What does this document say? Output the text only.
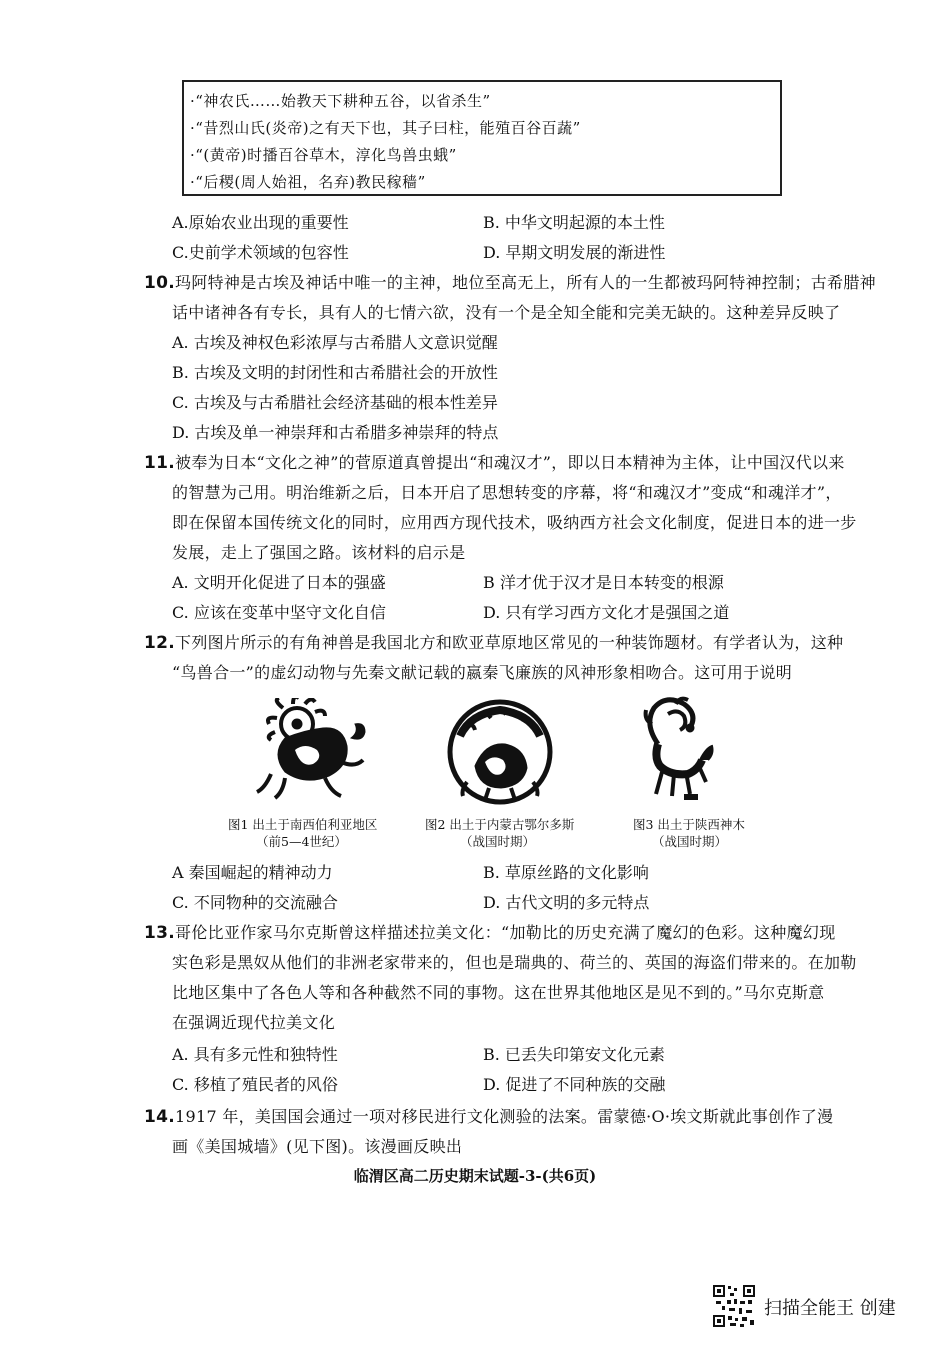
·“神农氏……始教天下耕种五谷，以省杀生”
·“昔烈山氏(炎帝)之有天下也，其子曰柱，能殖百谷百蔬”
·“(黄帝)时播百谷草木，淳化鸟兽虫蛾”
·“后稷(周人始祖，名弃)教民稼穑”
A.原始农业出现的重要性	B. 中华文明起源的本土性
C.史前学术领域的包容性	D. 早期文明发展的渐进性
10.玛阿特神是古埃及神话中唯一的主神，地位至高无上，所有人的一生都被玛阿特神控制；古希腊神
话中诸神各有专长，具有人的七情六欲，没有一个是全知全能和完美无缺的。这种差异反映了
A. 古埃及神权色彩浓厚与古希腊人文意识觉醒
B. 古埃及文明的封闭性和古希腊社会的开放性
C. 古埃及与古希腊社会经济基础的根本性差异
D. 古埃及单一神崇拜和古希腊多神崇拜的特点
11.被奉为日本“文化之神”的菅原道真曾提出“和魂汉才”，即以日本精神为主体，让中国汉代以来
的智慧为己用。明治维新之后，日本开启了思想转变的序幕，将“和魂汉才”变成“和魂洋才”，
即在保留本国传统文化的同时，应用西方现代技术，吸纳西方社会文化制度，促进日本的进一步
发展，走上了强国之路。该材料的启示是
A. 文明开化促进了日本的强盛	B 洋才优于汉才是日本转变的根源
C. 应该在变革中坚守文化自信	D. 只有学习西方文化才是强国之道
12.下列图片所示的有角神兽是我国北方和欧亚草原地区常见的一种装饰题材。有学者认为，这种
“鸟兽合一”的虚幻动物与先秦文献记载的嬴秦飞廉族的风神形象相吻合。这可用于说明
图1 出土于南西伯利亚地区
（前5—4世纪）
图2 出土于内蒙古鄂尔多斯
（战国时期）
图3 出土于陕西神木
（战国时期）
A 秦国崛起的精神动力	B. 草原丝路的文化影响
C. 不同物种的交流融合	D. 古代文明的多元特点
13.哥伦比亚作家马尔克斯曾这样描述拉美文化：“加勒比的历史充满了魔幻的色彩。这种魔幻现
实色彩是黑奴从他们的非洲老家带来的，但也是瑞典的、荷兰的、英国的海盗们带来的。在加勒
比地区集中了各色人等和各种截然不同的事物。这在世界其他地区是见不到的。”马尔克斯意
在强调近现代拉美文化
A. 具有多元性和独特性	B. 已丢失印第安文化元素
C. 移植了殖民者的风俗	D. 促进了不同种族的交融
14.1917 年，美国国会通过一项对移民进行文化测验的法案。雷蒙德·O·埃文斯就此事创作了漫
画《美国城墙》(见下图)。该漫画反映出
临渭区高二历史期末试题-3-(共6页)
扫描全能王 创建
